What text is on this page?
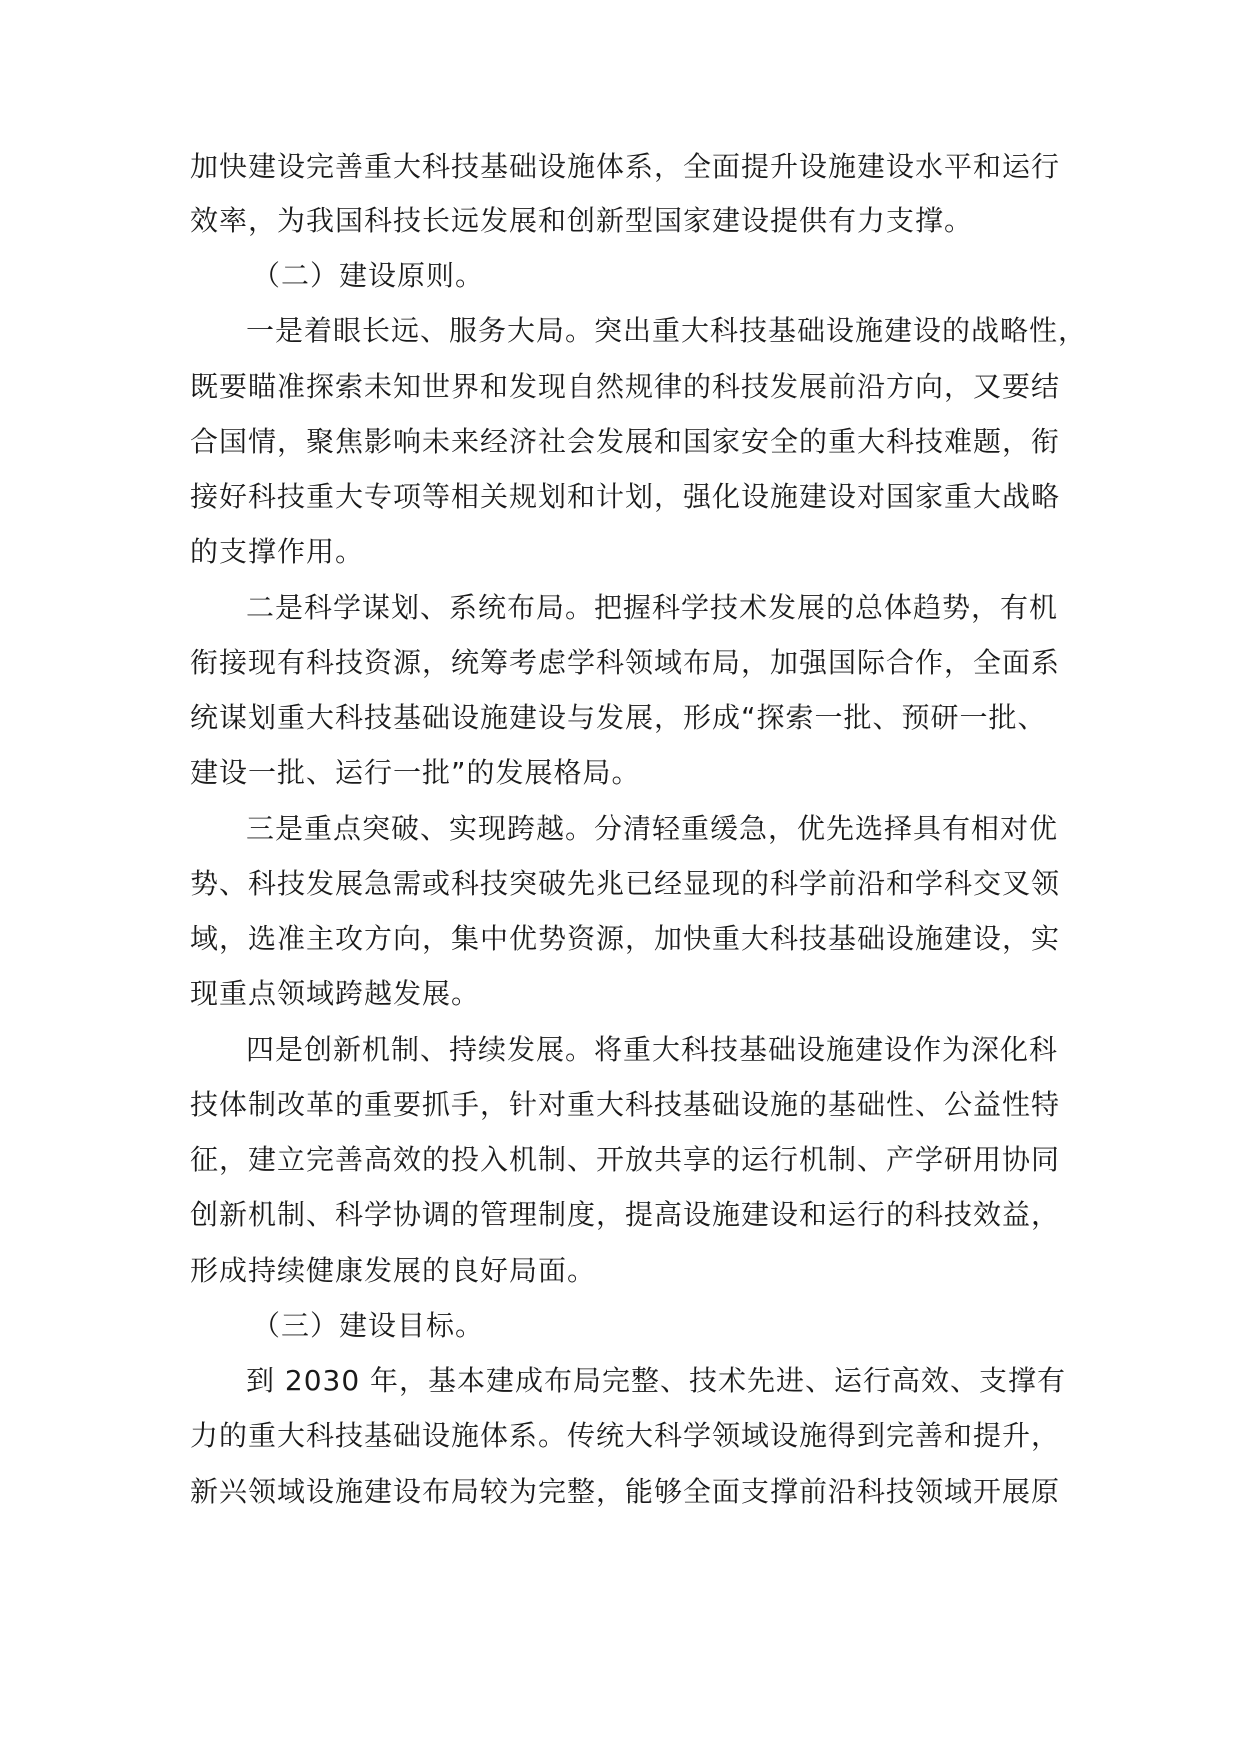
加快建设完善重大科技基础设施体系，全面提升设施建设水平和运行
效率，为我国科技长远发展和创新型国家建设提供有力支撑。
（二）建设原则。
一是着眼长远、服务大局。突出重大科技基础设施建设的战略性，
既要瞄准探索未知世界和发现自然规律的科技发展前沿方向，又要结
合国情，聚焦影响未来经济社会发展和国家安全的重大科技难题，衔
接好科技重大专项等相关规划和计划，强化设施建设对国家重大战略
的支撑作用。
二是科学谋划、系统布局。把握科学技术发展的总体趋势，有机
衔接现有科技资源，统筹考虑学科领域布局，加强国际合作，全面系
统谋划重大科技基础设施建设与发展，形成“探索一批、预研一批、
建设一批、运行一批”的发展格局。
三是重点突破、实现跨越。分清轻重缓急，优先选择具有相对优
势、科技发展急需或科技突破先兆已经显现的科学前沿和学科交叉领
域，选准主攻方向，集中优势资源，加快重大科技基础设施建设，实
现重点领域跨越发展。
四是创新机制、持续发展。将重大科技基础设施建设作为深化科
技体制改革的重要抓手，针对重大科技基础设施的基础性、公益性特
征，建立完善高效的投入机制、开放共享的运行机制、产学研用协同
创新机制、科学协调的管理制度，提高设施建设和运行的科技效益，
形成持续健康发展的良好局面。
（三）建设目标。
到 2030 年，基本建成布局完整、技术先进、运行高效、支撑有
力的重大科技基础设施体系。传统大科学领域设施得到完善和提升，
新兴领域设施建设布局较为完整，能够全面支撑前沿科技领域开展原
